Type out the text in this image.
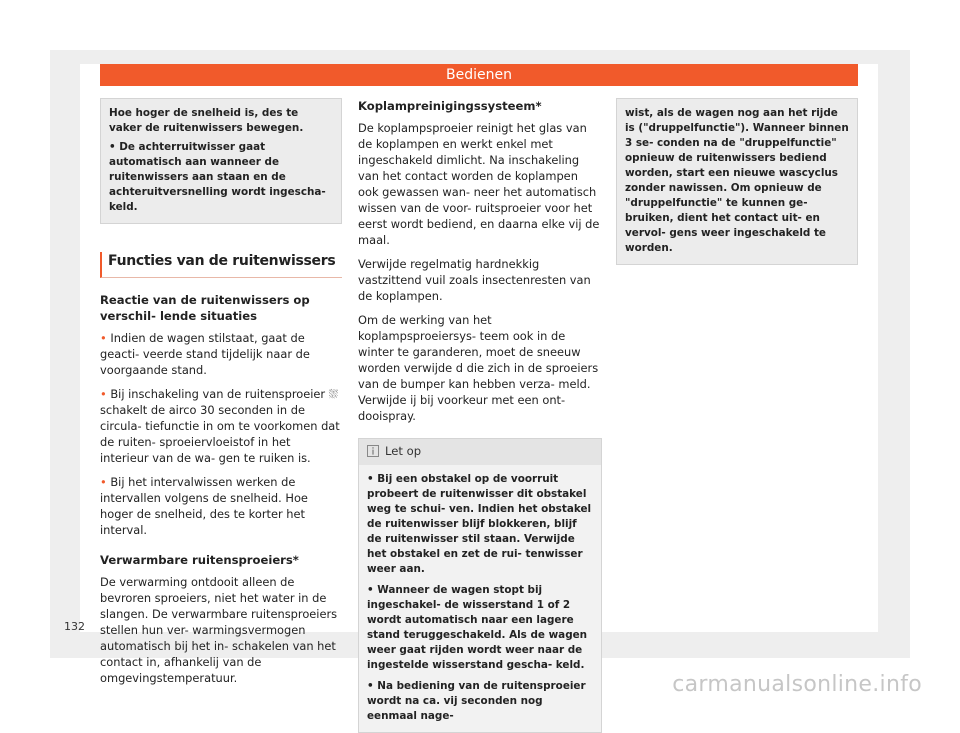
Bedienen

Hoe hoger de snelheid is, des te vaker de ruitenwissers bewegen.

• De achterruitwisser gaat automatisch aan wanneer de ruitenwissers aan staan en de achteruitversnelling wordt ingescha- keld.

Functies van de ruitenwissers
Reactie van de ruitenwissers op verschil- lende situaties

• Indien de wagen stilstaat, gaat de geacti- veerde stand tijdelijk naar de voorgaande stand.

• Bij inschakeling van de ruitensproeier ⛆ schakelt de airco 30 seconden in de circula- tiefunctie in om te voorkomen dat de ruiten- sproeiervloeistof in het interieur van de wa- gen te ruiken is.

• Bij het intervalwissen werken de intervallen volgens de snelheid. Hoe hoger de snelheid, des te korter het interval.

Verwarmbare ruitensproeiers*

De verwarming ontdooit alleen de bevroren sproeiers, niet het water in de slangen. De verwarmbare ruitensproeiers stellen hun ver- warmingsvermogen automatisch bij het in- schakelen van het contact in, afhankelij van de omgevingstemperatuur.

Koplampreinigingssysteem*

De koplampsproeier reinigt het glas van de koplampen en werkt enkel met ingeschakeld dimlicht. Na inschakeling van het contact worden de koplampen ook gewassen wan- neer het automatisch wissen van de voor- ruitsproeier voor het eerst wordt bediend, en daarna elke vij de maal.

Verwijde regelmatig hardnekkig vastzittend vuil zoals insectenresten van de koplampen.

Om de werking van het koplampsproeiersys- teem ook in de winter te garanderen, moet de sneeuw worden verwijde d die zich in de sproeiers van de bumper kan hebben verza- meld. Verwijde ij bij voorkeur met een ont- dooispray.

Let op

• Bij een obstakel op de voorruit probeert de ruitenwisser dit obstakel weg te schui- ven. Indien het obstakel de ruitenwisser blijf blokkeren, blijf de ruitenwisser stil staan. Verwijde het obstakel en zet de rui- tenwisser weer aan.

• Wanneer de wagen stopt bij ingeschakel- de wisserstand 1 of 2 wordt automatisch naar een lagere stand teruggeschakeld. Als de wagen weer gaat rijden wordt weer naar de ingestelde wisserstand gescha- keld.

• Na bediening van de ruitensproeier wordt na ca. vij seconden nog eenmaal nage-

wist, als de wagen nog aan het rijde is ("druppelfunctie"). Wanneer binnen 3 se- conden na de "druppelfunctie" opnieuw de ruitenwissers bediend worden, start een nieuwe wascyclus zonder nawissen. Om opnieuw de "druppelfunctie" te kunnen ge- bruiken, dient het contact uit- en vervol- gens weer ingeschakeld te worden.

132
carmanualsonline.info
